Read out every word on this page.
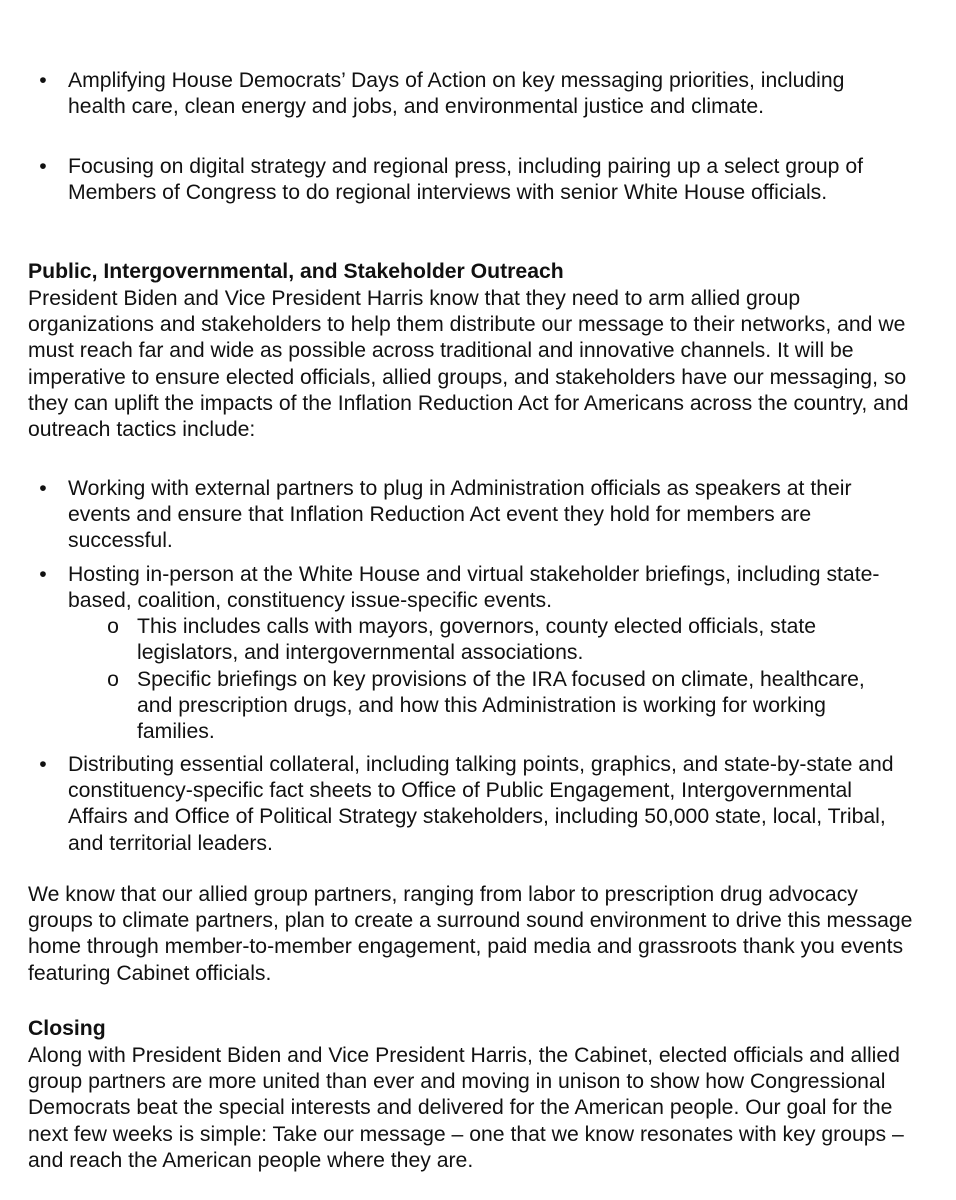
• Amplifying House Democrats’ Days of Action on key messaging priorities, including health care, clean energy and jobs, and environmental justice and climate.
• Focusing on digital strategy and regional press, including pairing up a select group of Members of Congress to do regional interviews with senior White House officials.
Public, Intergovernmental, and Stakeholder Outreach

President Biden and Vice President Harris know that they need to arm allied group organizations and stakeholders to help them distribute our message to their networks, and we must reach far and wide as possible across traditional and innovative channels. It will be imperative to ensure elected officials, allied groups, and stakeholders have our messaging, so they can uplift the impacts of the Inflation Reduction Act for Americans across the country, and outreach tactics include:

• Working with external partners to plug in Administration officials as speakers at their events and ensure that Inflation Reduction Act event they hold for members are successful.
• Hosting in-person at the White House and virtual stakeholder briefings, including state-based, coalition, constituency issue-specific events.
o This includes calls with mayors, governors, county elected officials, state legislators, and intergovernmental associations.
o Specific briefings on key provisions of the IRA focused on climate, healthcare, and prescription drugs, and how this Administration is working for working families.
• Distributing essential collateral, including talking points, graphics, and state-by-state and constituency-specific fact sheets to Office of Public Engagement, Intergovernmental Affairs and Office of Political Strategy stakeholders, including 50,000 state, local, Tribal, and territorial leaders.

We know that our allied group partners, ranging from labor to prescription drug advocacy groups to climate partners, plan to create a surround sound environment to drive this message home through member-to-member engagement, paid media and grassroots thank you events featuring Cabinet officials.

Closing

Along with President Biden and Vice President Harris, the Cabinet, elected officials and allied group partners are more united than ever and moving in unison to show how Congressional Democrats beat the special interests and delivered for the American people. Our goal for the next few weeks is simple: Take our message – one that we know resonates with key groups – and reach the American people where they are.
